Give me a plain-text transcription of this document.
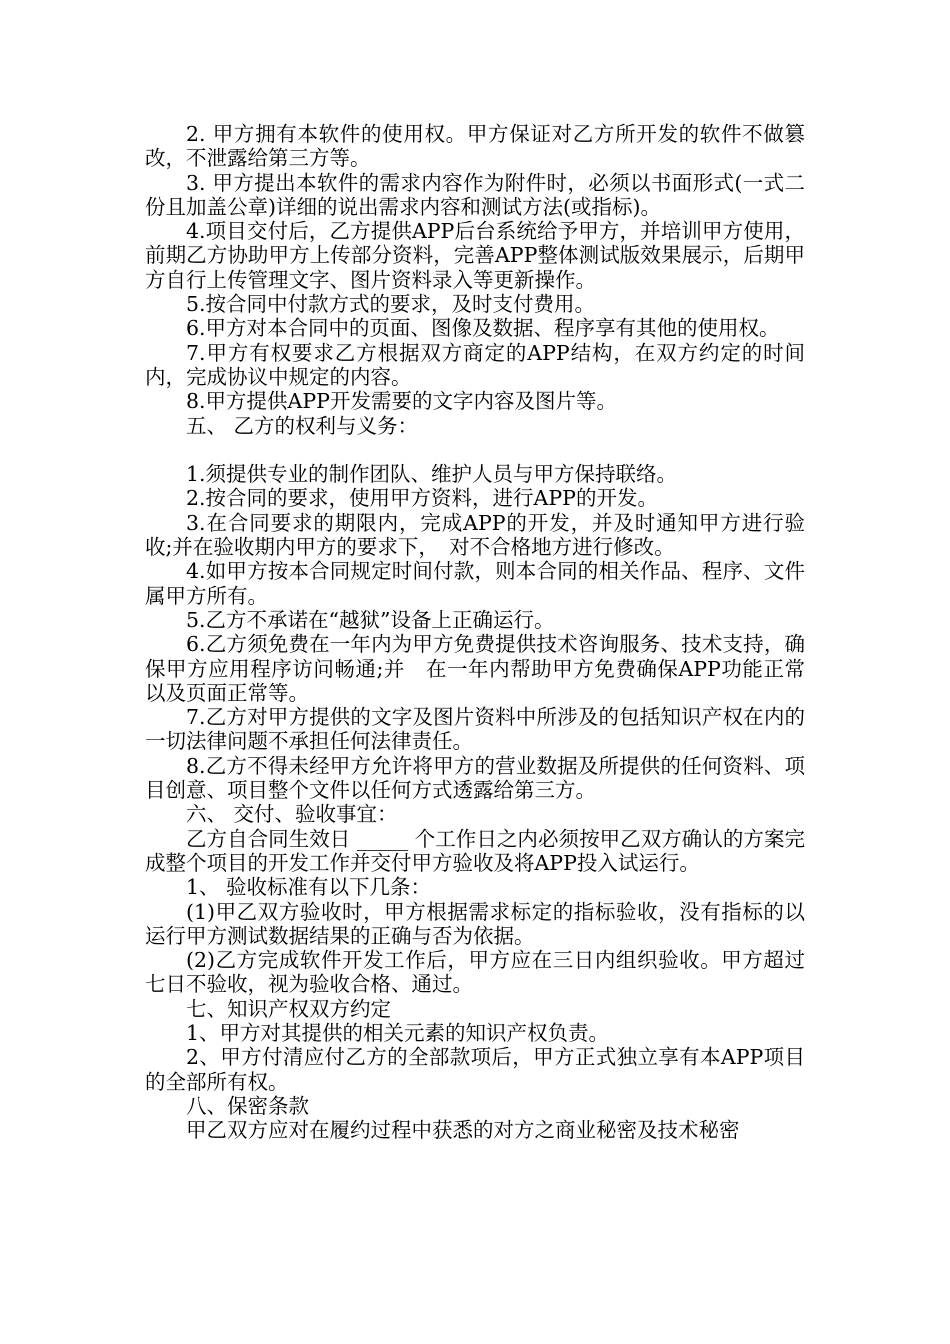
2. 甲方拥有本软件的使用权。甲方保证对乙方所开发的软件不做篡改，不泄露给第三方等。

3. 甲方提出本软件的需求内容作为附件时，必须以书面形式(一式二份且加盖公章)详细的说出需求内容和测试方法(或指标)。

4.项目交付后，乙方提供APP后台系统给予甲方，并培训甲方使用，前期乙方协助甲方上传部分资料，完善APP整体测试版效果展示，后期甲方自行上传管理文字、图片资料录入等更新操作。

5.按合同中付款方式的要求，及时支付费用。

6.甲方对本合同中的页面、图像及数据、程序享有其他的使用权。

7.甲方有权要求乙方根据双方商定的APP结构，在双方约定的时间内，完成协议中规定的内容。

8.甲方提供APP开发需要的文字内容及图片等。

五、 乙方的权利与义务：

1.须提供专业的制作团队、维护人员与甲方保持联络。

2.按合同的要求，使用甲方资料，进行APP的开发。

3.在合同要求的期限内，完成APP的开发，并及时通知甲方进行验收;并在验收期内甲方的要求下，　对不合格地方进行修改。

4.如甲方按本合同规定时间付款，则本合同的相关作品、程序、文件属甲方所有。

5.乙方不承诺在“越狱”设备上正确运行。

6.乙方须免费在一年内为甲方免费提供技术咨询服务、技术支持，确保甲方应用程序访问畅通;并　在一年内帮助甲方免费确保APP功能正常以及页面正常等。

7.乙方对甲方提供的文字及图片资料中所涉及的包括知识产权在内的一切法律问题不承担任何法律责任。

8.乙方不得未经甲方允许将甲方的营业数据及所提供的任何资料、项目创意、项目整个文件以任何方式透露给第三方。

六、 交付、验收事宜：

乙方自合同生效日 _____ 个工作日之内必须按甲乙双方确认的方案完成整个项目的开发工作并交付甲方验收及将APP投入试运行。

1、 验收标准有以下几条：

(1)甲乙双方验收时，甲方根据需求标定的指标验收，没有指标的以运行甲方测试数据结果的正确与否为依据。

(2)乙方完成软件开发工作后，甲方应在三日内组织验收。甲方超过七日不验收，视为验收合格、通过。

七、知识产权双方约定

1、甲方对其提供的相关元素的知识产权负责。

2、甲方付清应付乙方的全部款项后，甲方正式独立享有本APP项目的全部所有权。

八、保密条款

甲乙双方应对在履约过程中获悉的对方之商业秘密及技术秘密
